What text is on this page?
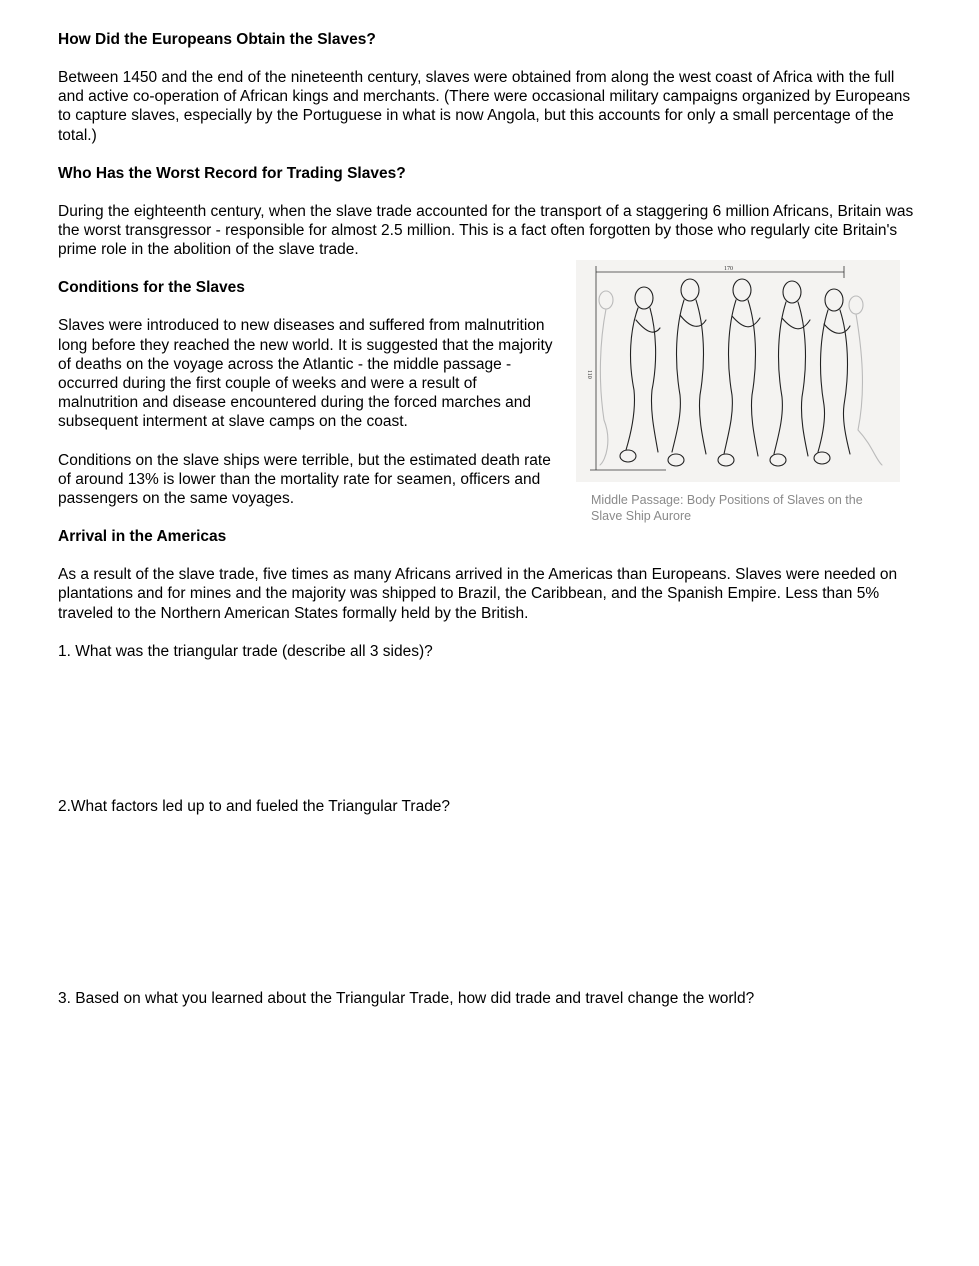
How Did the Europeans Obtain the Slaves?

Between 1450 and the end of the nineteenth century, slaves were obtained from along the west coast of Africa with the full and active co-operation of African kings and merchants. (There were occasional military campaigns organized by Europeans to capture slaves, especially by the Portuguese in what is now Angola, but this accounts for only a small percentage of the total.)

Who Has the Worst Record for Trading Slaves?

During the eighteenth century, when the slave trade accounted for the transport of a staggering 6 million Africans, Britain was the worst transgressor - responsible for almost 2.5 million. This is a fact often forgotten by those who regularly cite Britain's prime role in the abolition of the slave trade.

Conditions for the Slaves

Slaves were introduced to new diseases and suffered from malnutrition long before they reached the new world. It is suggested that the majority of deaths on the voyage across the Atlantic - the middle passage - occurred during the first couple of weeks and were a result of malnutrition and disease encountered during the forced marches and subsequent interment at slave camps on the coast.

Conditions on the slave ships were terrible, but the estimated death rate of around 13% is lower than the mortality rate for seamen, officers and passengers on the same voyages.

Arrival in the Americas

As a result of the slave trade, five times as many Africans arrived in the Americas than Europeans. Slaves were needed on plantations and for mines and the majority was shipped to Brazil, the Caribbean, and the Spanish Empire. Less than 5% traveled to the Northern American States formally held by the British.

1. What was the triangular trade (describe all 3 sides)?

170
110
Middle Passage: Body Positions of Slaves on the Slave Ship Aurore

2.What factors led up to and fueled the Triangular Trade?

3. Based on what you learned about the Triangular Trade, how did trade and travel change the world?
